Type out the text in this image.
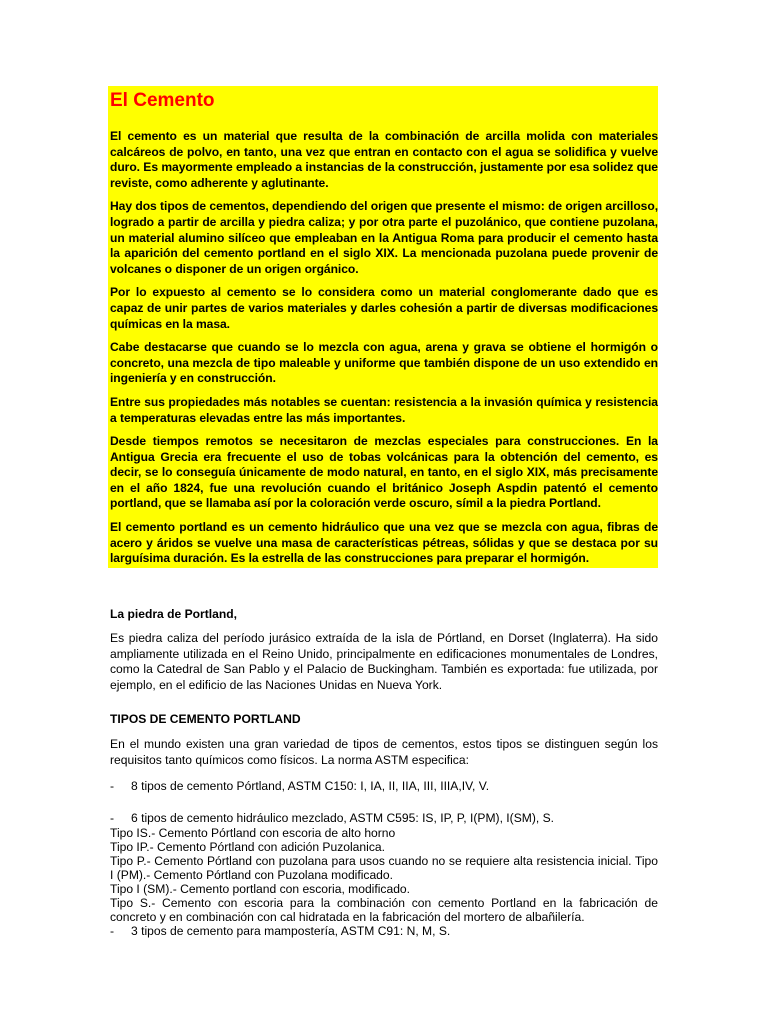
El Cemento

El cemento es un material que resulta de la combinación de arcilla molida con materiales calcáreos de polvo, en tanto, una vez que entran en contacto con el agua se solidifica y vuelve duro. Es mayormente empleado a instancias de la construcción, justamente por esa solidez que reviste, como adherente y aglutinante.

Hay dos tipos de cementos, dependiendo del origen que presente el mismo: de origen arcilloso, logrado a partir de arcilla y piedra caliza; y por otra parte el puzolánico, que contiene puzolana, un material alumino silíceo que empleaban en la Antigua Roma para producir el cemento hasta la aparición del cemento portland en el siglo XIX. La mencionada puzolana puede provenir de volcanes o disponer de un origen orgánico.

Por lo expuesto al cemento se lo considera como un material conglomerante dado que es capaz de unir partes de varios materiales y darles cohesión a partir de diversas modificaciones químicas en la masa.

Cabe destacarse que cuando se lo mezcla con agua, arena y grava se obtiene el hormigón o concreto, una mezcla de tipo maleable y uniforme que también dispone de un uso extendido en ingeniería y en construcción.

Entre sus propiedades más notables se cuentan: resistencia a la invasión química y resistencia a temperaturas elevadas entre las más importantes.

Desde tiempos remotos se necesitaron de mezclas especiales para construcciones. En la Antigua Grecia era frecuente el uso de tobas volcánicas para la obtención del cemento, es decir, se lo conseguía únicamente de modo natural, en tanto, en el siglo XIX, más precisamente en el año 1824, fue una revolución cuando el británico Joseph Aspdin patentó el cemento portland, que se llamaba así por la coloración verde oscuro, símil a la piedra Portland.

El cemento portland es un cemento hidráulico que una vez que se mezcla con agua, fibras de acero y áridos se vuelve una masa de características pétreas, sólidas y que se destaca por su larguísima duración. Es la estrella de las construcciones para preparar el hormigón.

La piedra de Portland,

Es piedra caliza del período jurásico extraída de la isla de Pórtland, en Dorset (Inglaterra). Ha sido ampliamente utilizada en el Reino Unido, principalmente en edificaciones monumentales de Londres, como la Catedral de San Pablo y el Palacio de Buckingham. También es exportada: fue utilizada, por ejemplo, en el edificio de las Naciones Unidas en Nueva York.

TIPOS DE CEMENTO PORTLAND

En el mundo existen una gran variedad de tipos de cementos, estos tipos se distinguen según los requisitos tanto químicos como físicos. La norma ASTM especifica:

- 8 tipos de cemento Pórtland, ASTM C150: I, IA, II, IIA, III, IIIA,IV, V.

- 6 tipos de cemento hidráulico mezclado, ASTM C595: IS, IP, P, I(PM), I(SM), S.

Tipo IS.- Cemento Pórtland con escoria de alto horno

Tipo IP.- Cemento Pórtland con adición Puzolanica.

Tipo P.- Cemento Pórtland con puzolana para usos cuando no se requiere alta resistencia inicial. Tipo I (PM).- Cemento Pórtland con Puzolana modificado.

Tipo I (SM).- Cemento portland con escoria, modificado.

Tipo S.- Cemento con escoria para la combinación con cemento Portland en la fabricación de concreto y en combinación con cal hidratada en la fabricación del mortero de albañilería.

- 3 tipos de cemento para mampostería, ASTM C91: N, M, S.
